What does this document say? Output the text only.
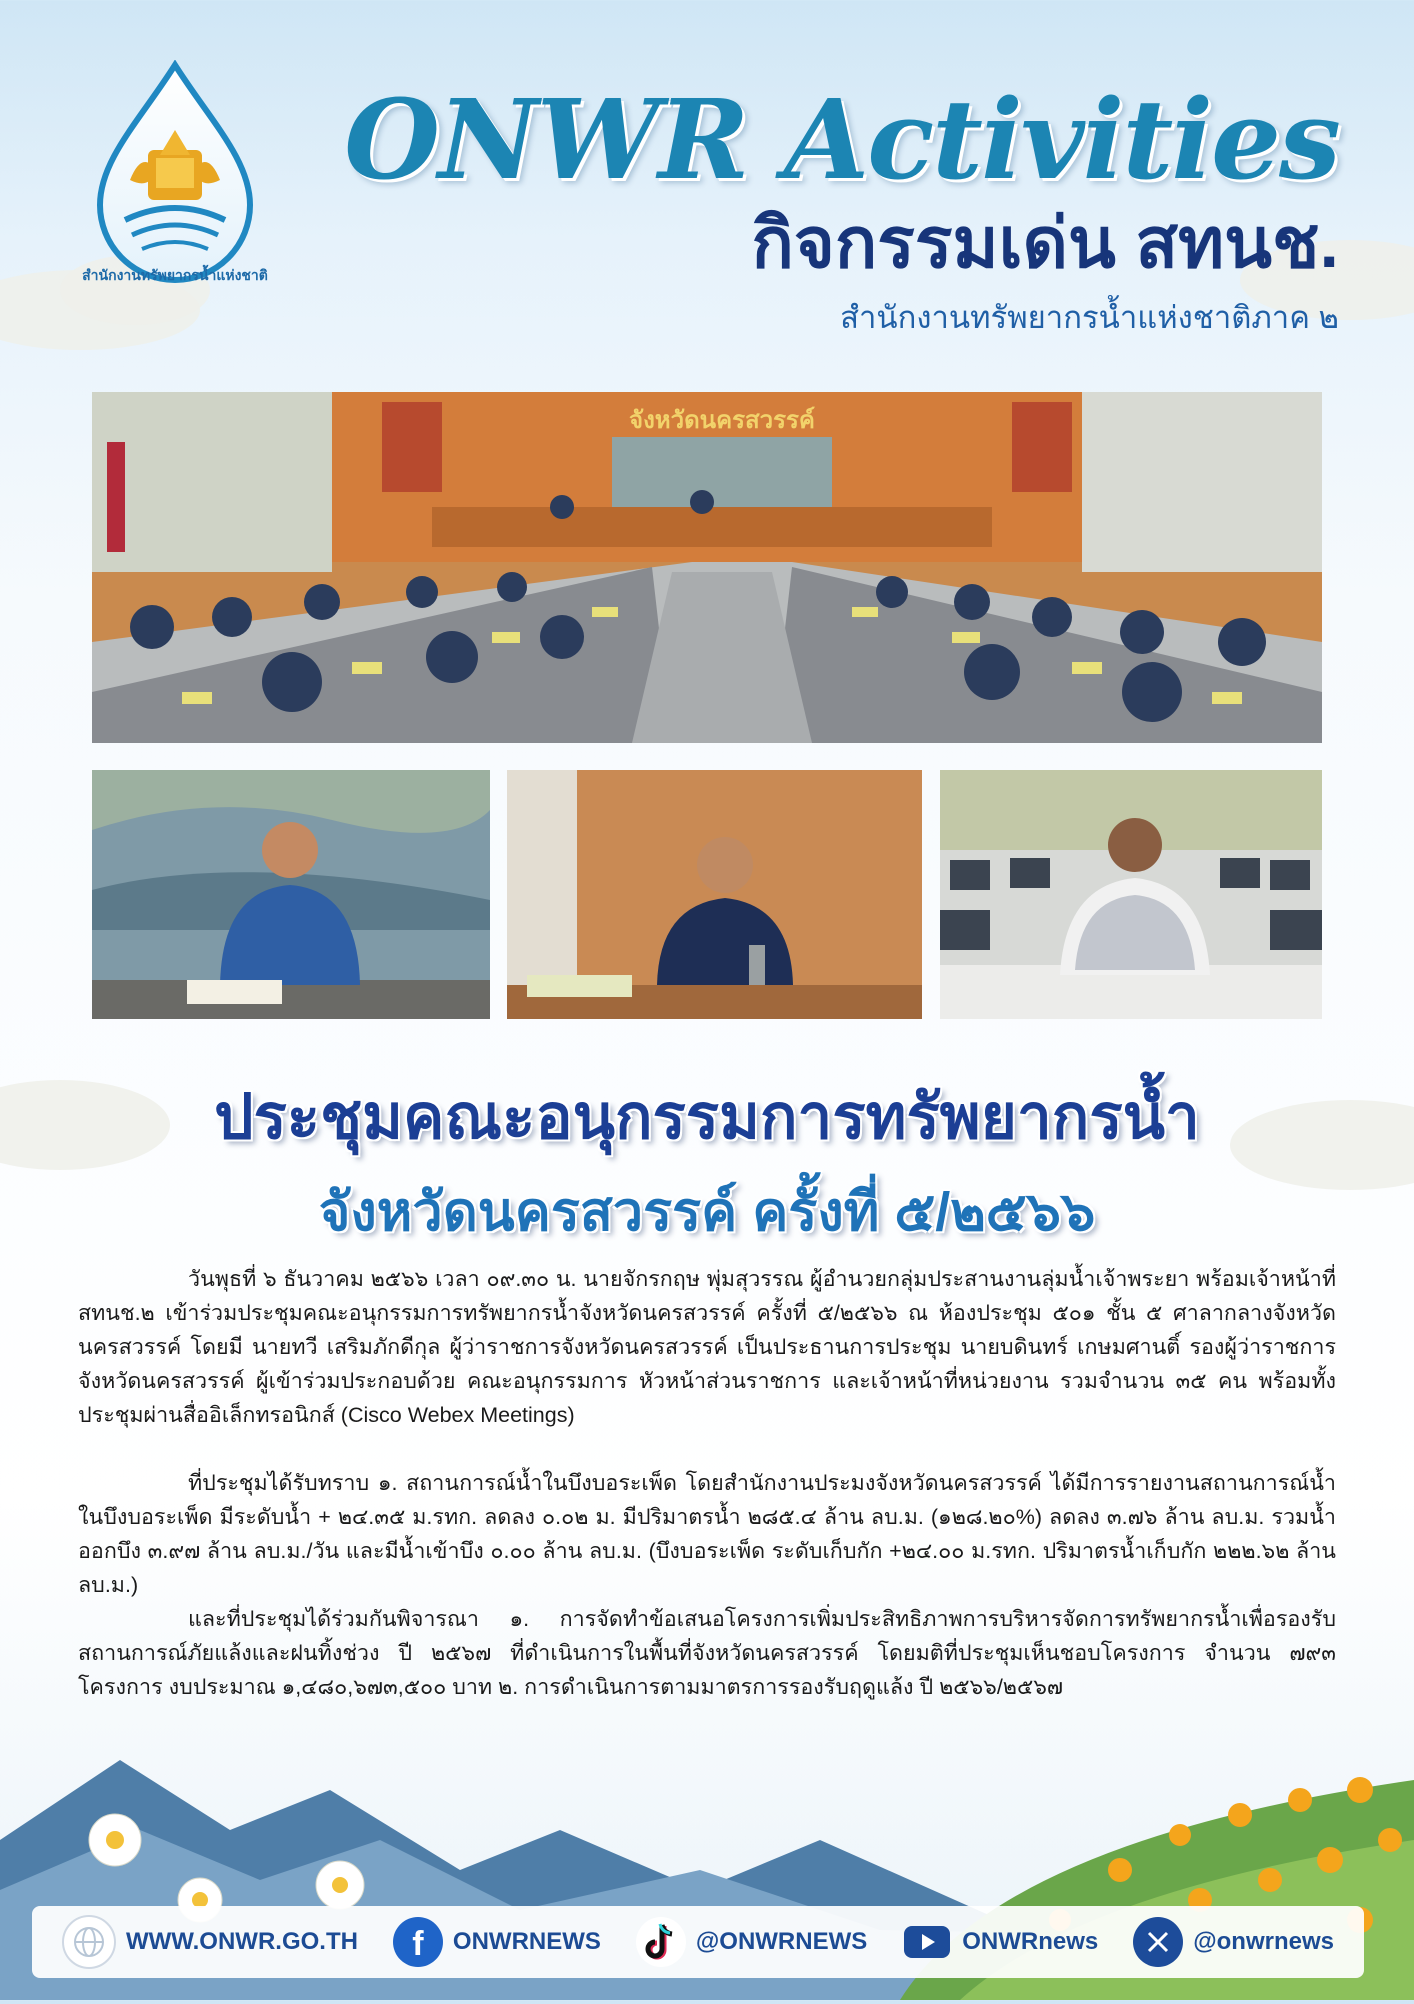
สำนักงานทรัพยากรน้ำแห่งชาติ
ONWR Activities
กิจกรรมเด่น สทนช.
สำนักงานทรัพยากรน้ำแห่งชาติภาค ๒
จังหวัดนครสวรรค์
ประชุมคณะอนุกรรมการทรัพยากรน้ำ
จังหวัดนครสวรรค์ ครั้งที่ ๕/๒๕๖๖

วันพุธที่ ๖ ธันวาคม ๒๕๖๖ เวลา ๐๙.๓๐ น. นายจักรกฤษ พุ่มสุวรรณ ผู้อำนวยกลุ่มประสานงานลุ่มน้ำเจ้าพระยา พร้อมเจ้าหน้าที่ สทนช.๒ เข้าร่วมประชุมคณะอนุกรรมการทรัพยากรน้ำจังหวัดนครสวรรค์ ครั้งที่ ๕/๒๕๖๖ ณ ห้องประชุม ๕๐๑ ชั้น ๕ ศาลากลางจังหวัดนครสวรรค์ โดยมี นายทวี เสริมภักดีกุล ผู้ว่าราชการจังหวัดนครสวรรค์ เป็นประธานการประชุม นายบดินทร์ เกษมศานติ์ รองผู้ว่าราชการจังหวัดนครสวรรค์ ผู้เข้าร่วมประกอบด้วย คณะอนุกรรมการ หัวหน้าส่วนราชการ และเจ้าหน้าที่หน่วยงาน รวมจำนวน ๓๕ คน พร้อมทั้งประชุมผ่านสื่ออิเล็กทรอนิกส์ (Cisco Webex Meetings)

ที่ประชุมได้รับทราบ ๑. สถานการณ์น้ำในบึงบอระเพ็ด โดยสำนักงานประมงจังหวัดนครสวรรค์ ได้มีการรายงานสถานการณ์น้ำในบึงบอระเพ็ด มีระดับน้ำ + ๒๔.๓๕ ม.รทก. ลดลง ๐.๐๒ ม. มีปริมาตรน้ำ ๒๘๕.๔ ล้าน ลบ.ม. (๑๒๘.๒๐%) ลดลง ๓.๗๖ ล้าน ลบ.ม. รวมน้ำออกบึง ๓.๙๗ ล้าน ลบ.ม./วัน และมีน้ำเข้าบึง ๐.๐๐ ล้าน ลบ.ม. (บึงบอระเพ็ด ระดับเก็บกัก +๒๔.๐๐ ม.รทก. ปริมาตรน้ำเก็บกัก ๒๒๒.๖๒ ล้าน ลบ.ม.)

และที่ประชุมได้ร่วมกันพิจารณา ๑. การจัดทำข้อเสนอโครงการเพิ่มประสิทธิภาพการบริหารจัดการทรัพยากรน้ำเพื่อรองรับสถานการณ์ภัยแล้งและฝนทิ้งช่วง ปี ๒๕๖๗ ที่ดำเนินการในพื้นที่จังหวัดนครสวรรค์ โดยมติที่ประชุมเห็นชอบโครงการ จำนวน ๗๙๓ โครงการ งบประมาณ ๑,๔๘๐,๖๗๓,๕๐๐ บาท ๒. การดำเนินการตามมาตรการรองรับฤดูแล้ง ปี ๒๕๖๖/๒๕๖๗

WWW.ONWR.GO.TH f ONWRNEWS	@ONWRNEWS	ONWRnews	@onwrnews
